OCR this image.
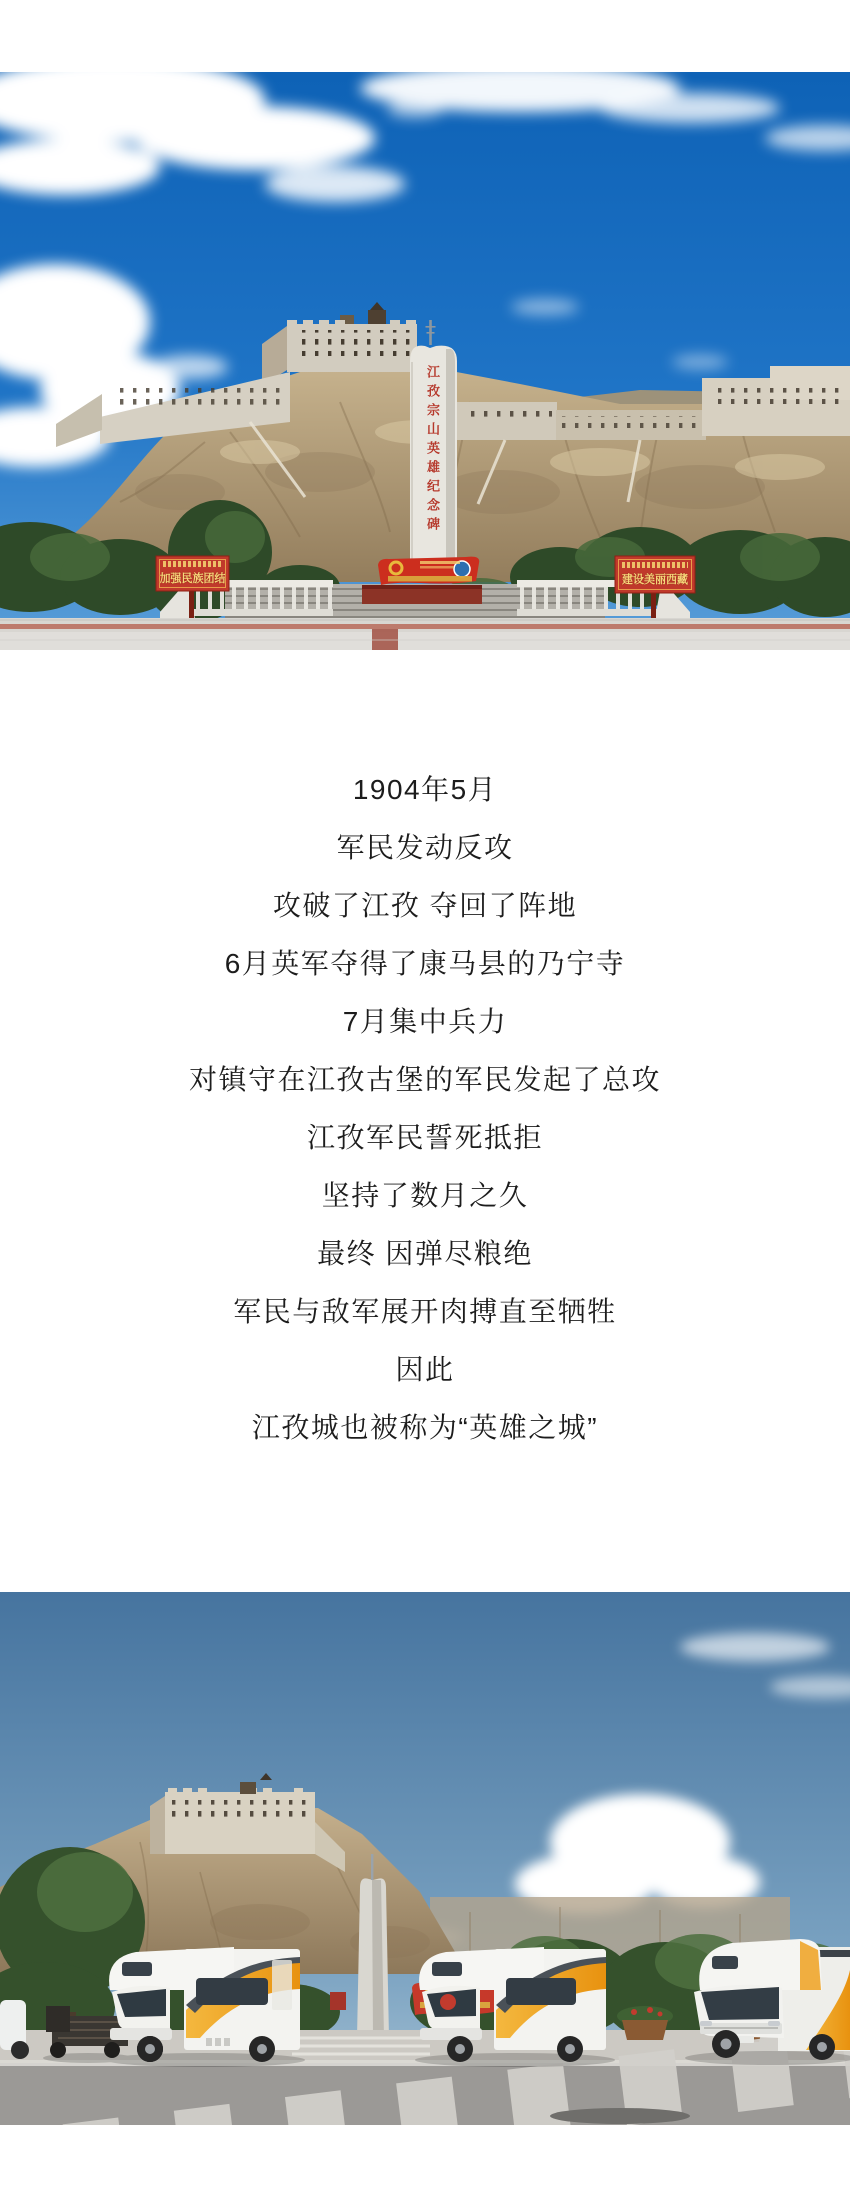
江孜宗山英雄纪念碑
加强民族团结	建设美丽西藏

1904年5月

军民发动反攻

攻破了江孜 夺回了阵地

6月英军夺得了康马县的乃宁寺

7月集中兵力

对镇守在江孜古堡的军民发起了总攻

江孜军民誓死抵拒

坚持了数月之久

最终 因弹尽粮绝

军民与敌军展开肉搏直至牺牲

因此

江孜城也被称为“英雄之城”
